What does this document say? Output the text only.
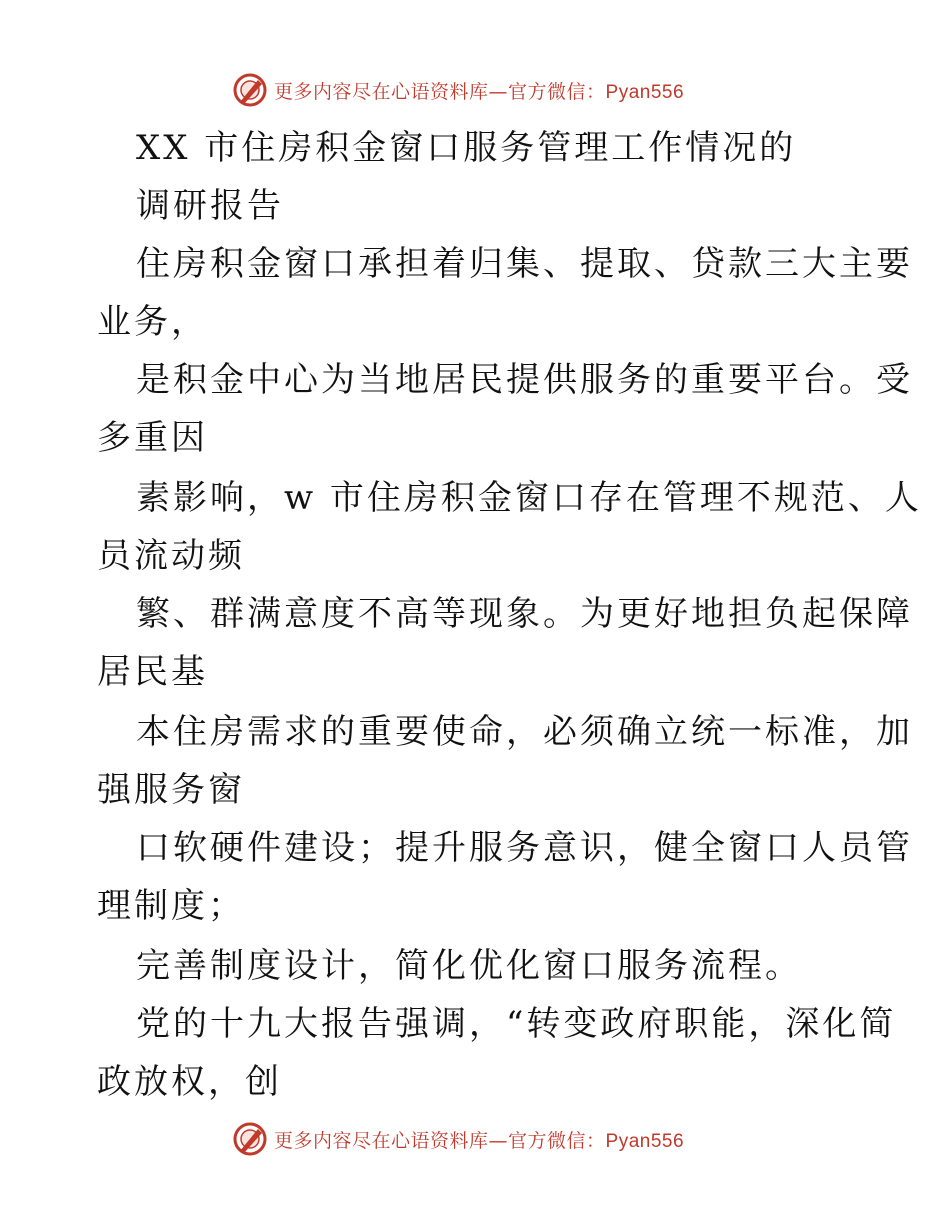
更多内容尽在心语资料库—官方微信：Pyan556
XX 市住房积金窗口服务管理工作情况的
调研报告
住房积金窗口承担着归集、提取、贷款三大主要
业务，
是积金中心为当地居民提供服务的重要平台。受
多重因
素影响，w 市住房积金窗口存在管理不规范、人
员流动频
繁、群满意度不高等现象。为更好地担负起保障
居民基
本住房需求的重要使命，必须确立统一标准，加
强服务窗
口软硬件建设；提升服务意识，健全窗口人员管
理制度；
完善制度设计，简化优化窗口服务流程。
党的十九大报告强调，“转变政府职能，深化简
政放权，创
更多内容尽在心语资料库—官方微信：Pyan556
